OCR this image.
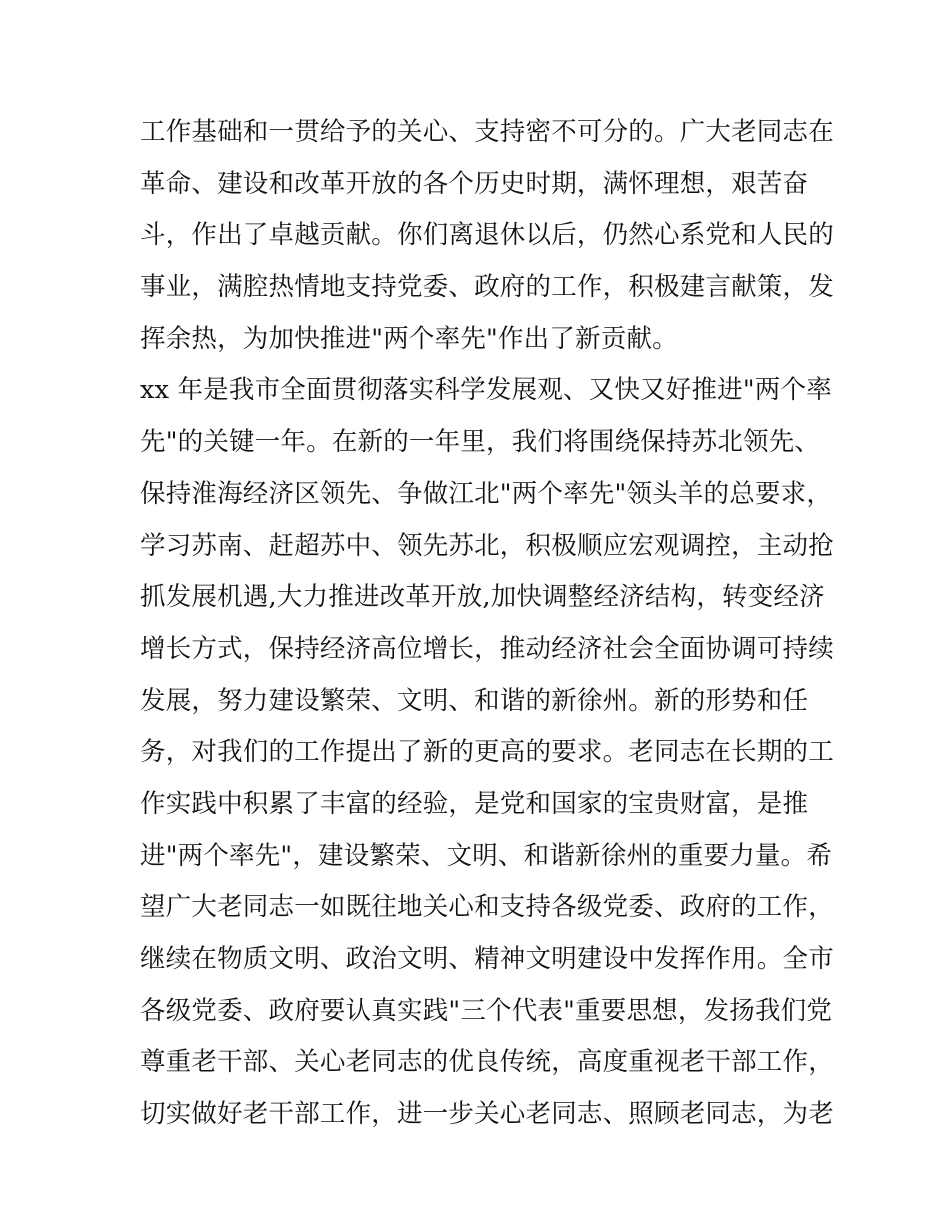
工作基础和一贯给予的关心、支持密不可分的。广大老同志在
革命、建设和改革开放的各个历史时期，满怀理想，艰苦奋
斗，作出了卓越贡献。你们离退休以后，仍然心系党和人民的
事业，满腔热情地支持党委、政府的工作，积极建言献策，发
挥余热，为加快推进"两个率先"作出了新贡献。
xx 年是我市全面贯彻落实科学发展观、又快又好推进"两个率
先"的关键一年。在新的一年里，我们将围绕保持苏北领先、
保持淮海经济区领先、争做江北"两个率先"领头羊的总要求，
学习苏南、赶超苏中、领先苏北，积极顺应宏观调控，主动抢
抓发展机遇,大力推进改革开放,加快调整经济结构，转变经济
增长方式，保持经济高位增长，推动经济社会全面协调可持续
发展，努力建设繁荣、文明、和谐的新徐州。新的形势和任
务，对我们的工作提出了新的更高的要求。老同志在长期的工
作实践中积累了丰富的经验，是党和国家的宝贵财富，是推
进"两个率先"，建设繁荣、文明、和谐新徐州的重要力量。希
望广大老同志一如既往地关心和支持各级党委、政府的工作，
继续在物质文明、政治文明、精神文明建设中发挥作用。全市
各级党委、政府要认真实践"三个代表"重要思想，发扬我们党
尊重老干部、关心老同志的优良传统，高度重视老干部工作，
切实做好老干部工作，进一步关心老同志、照顾老同志，为老
